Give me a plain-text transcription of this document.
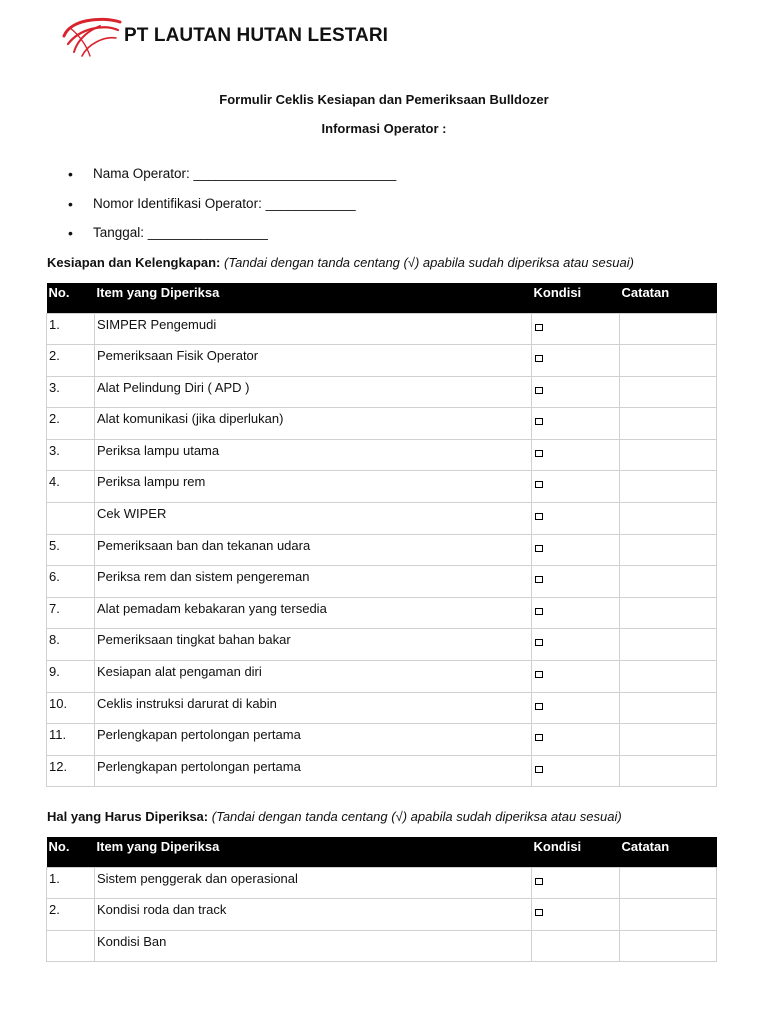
PT LAUTAN HUTAN LESTARI
Formulir Ceklis Kesiapan dan Pemeriksaan Bulldozer
Informasi Operator :
•	Nama Operator: ___________________________
•	Nomor Identifikasi Operator: ____________
•	Tanggal: ________________
Kesiapan dan Kelengkapan: (Tandai dengan tanda centang (√) apabila sudah diperiksa atau sesuai)
No.	Item yang Diperiksa	Kondisi	Catatan
1.	SIMPER Pengemudi		
2.	Pemeriksaan Fisik Operator		
3.	Alat Pelindung Diri ( APD )		
2.	Alat komunikasi (jika diperlukan)		
3.	Periksa lampu utama		
4.	Periksa lampu rem		
	Cek WIPER		
5.	Pemeriksaan ban dan tekanan udara		
6.	Periksa rem dan sistem pengereman		
7.	Alat pemadam kebakaran yang tersedia		
8.	Pemeriksaan tingkat bahan bakar		
9.	Kesiapan alat pengaman diri		
10.	Ceklis instruksi darurat di kabin		
11.	Perlengkapan pertolongan pertama		
12.	Perlengkapan pertolongan pertama		
Hal yang Harus Diperiksa: (Tandai dengan tanda centang (√) apabila sudah diperiksa atau sesuai)
No.	Item yang Diperiksa	Kondisi	Catatan
1.	Sistem penggerak dan operasional		
2.	Kondisi roda dan track		
	Kondisi Ban		
